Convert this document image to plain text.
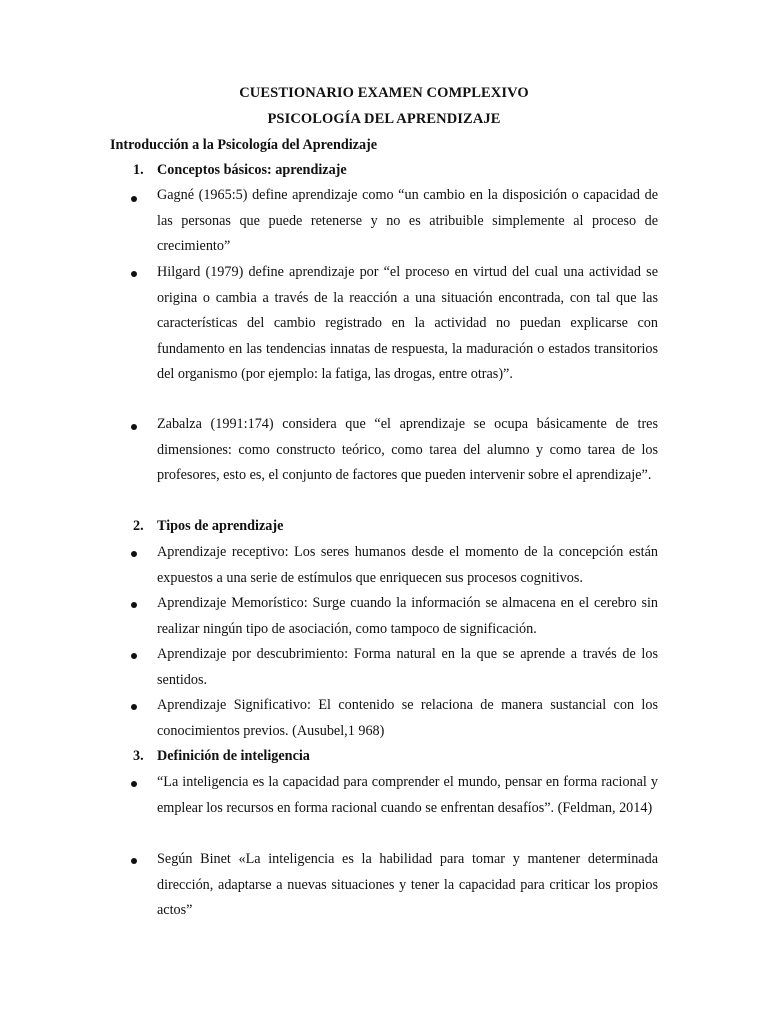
CUESTIONARIO EXAMEN COMPLEXIVO
PSICOLOGÍA DEL APRENDIZAJE
Introducción a la Psicología del Aprendizaje
1. Conceptos básicos: aprendizaje
Gagné (1965:5) define aprendizaje como “un cambio en la disposición o capacidad de las personas que puede retenerse y no es atribuible simplemente al proceso de crecimiento”
Hilgard (1979) define aprendizaje por “el proceso en virtud del cual una actividad se origina o cambia a través de la reacción a una situación encontrada, con tal que las características del cambio registrado en la actividad no puedan explicarse con fundamento en las tendencias innatas de respuesta, la maduración o estados transitorios del organismo (por ejemplo: la fatiga, las drogas, entre otras)”.
Zabalza (1991:174) considera que “el aprendizaje se ocupa básicamente de tres dimensiones: como constructo teórico, como tarea del alumno y como tarea de los profesores, esto es, el conjunto de factores que pueden intervenir sobre el aprendizaje”.
2. Tipos de aprendizaje
Aprendizaje receptivo: Los seres humanos desde el momento de la concepción están expuestos a una serie de estímulos que enriquecen sus procesos cognitivos.
Aprendizaje Memorístico: Surge cuando la información se almacena en el cerebro sin realizar ningún tipo de asociación, como tampoco de significación.
Aprendizaje por descubrimiento: Forma natural en la que se aprende a través de los sentidos.
Aprendizaje Significativo: El contenido se relaciona de manera sustancial con los conocimientos previos. (Ausubel,1 968)
3. Definición de inteligencia
“La inteligencia es la capacidad para comprender el mundo, pensar en forma racional y emplear los recursos en forma racional cuando se enfrentan desafíos”. (Feldman, 2014)
Según Binet «La inteligencia es la habilidad para tomar y mantener determinada dirección, adaptarse a nuevas situaciones y tener la capacidad para criticar los propios actos”
